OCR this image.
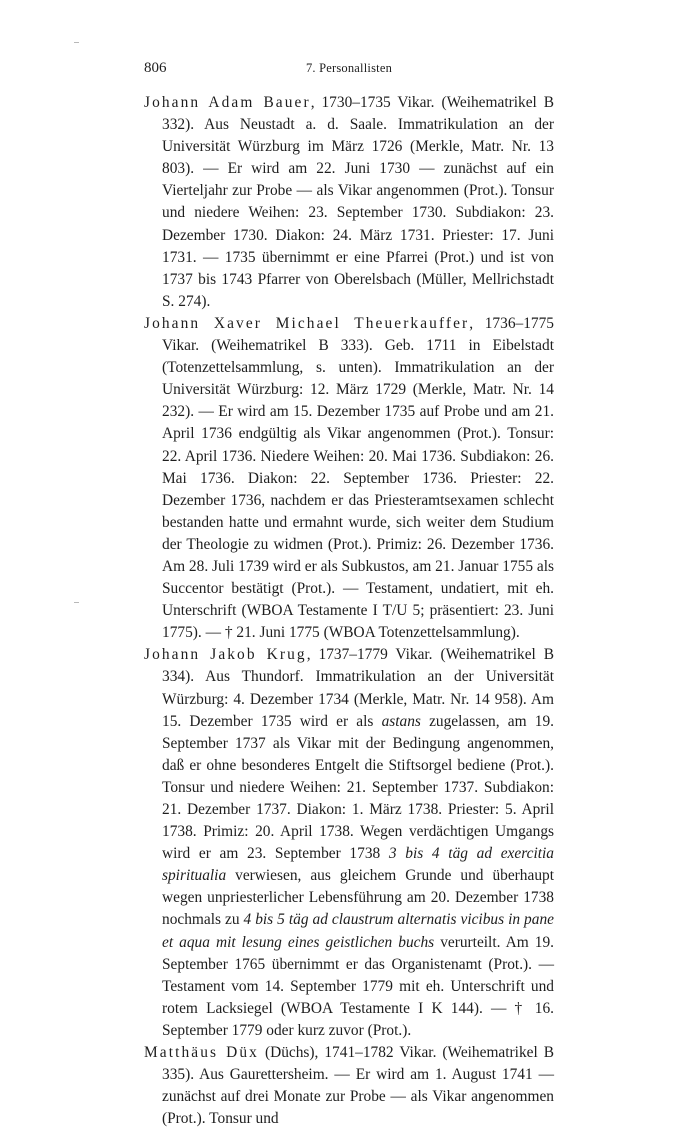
806	7. Personallisten

Johann Adam Bauer, 1730–1735 Vikar. (Weihematrikel B 332). Aus Neustadt a. d. Saale. Immatrikulation an der Universität Würzburg im März 1726 (Merkle, Matr. Nr. 13 803). — Er wird am 22. Juni 1730 — zunächst auf ein Vierteljahr zur Probe — als Vikar angenommen (Prot.). Tonsur und niedere Weihen: 23. September 1730. Subdiakon: 23. Dezember 1730. Diakon: 24. März 1731. Priester: 17. Juni 1731. — 1735 übernimmt er eine Pfarrei (Prot.) und ist von 1737 bis 1743 Pfarrer von Oberelsbach (Müller, Mellrichstadt S. 274).

Johann Xaver Michael Theuerkauffer, 1736–1775 Vikar. (Weihematrikel B 333). Geb. 1711 in Eibelstadt (Totenzettelsammlung, s. unten). Immatrikulation an der Universität Würzburg: 12. März 1729 (Merkle, Matr. Nr. 14 232). — Er wird am 15. Dezember 1735 auf Probe und am 21. April 1736 endgültig als Vikar angenommen (Prot.). Tonsur: 22. April 1736. Niedere Weihen: 20. Mai 1736. Subdiakon: 26. Mai 1736. Diakon: 22. September 1736. Priester: 22. Dezember 1736, nachdem er das Priesteramtsexamen schlecht bestanden hatte und ermahnt wurde, sich weiter dem Studium der Theologie zu widmen (Prot.). Primiz: 26. Dezember 1736. Am 28. Juli 1739 wird er als Subkustos, am 21. Januar 1755 als Succentor bestätigt (Prot.). — Testament, undatiert, mit eh. Unterschrift (WBOA Testamente I T/U 5; präsentiert: 23. Juni 1775). — † 21. Juni 1775 (WBOA Totenzettelsammlung).

Johann Jakob Krug, 1737–1779 Vikar. (Weihematrikel B 334). Aus Thundorf. Immatrikulation an der Universität Würzburg: 4. Dezember 1734 (Merkle, Matr. Nr. 14 958). Am 15. Dezember 1735 wird er als astans zugelassen, am 19. September 1737 als Vikar mit der Bedingung angenommen, daß er ohne besonderes Entgelt die Stiftsorgel bediene (Prot.). Tonsur und niedere Weihen: 21. September 1737. Subdiakon: 21. Dezember 1737. Diakon: 1. März 1738. Priester: 5. April 1738. Primiz: 20. April 1738. Wegen verdächtigen Umgangs wird er am 23. September 1738 3 bis 4 täg ad exercitia spiritualia verwiesen, aus gleichem Grunde und überhaupt wegen unpriesterlicher Lebensführung am 20. Dezember 1738 nochmals zu 4 bis 5 täg ad claustrum alternatis vicibus in pane et aqua mit lesung eines geistlichen buchs verurteilt. Am 19. September 1765 übernimmt er das Organistenamt (Prot.). — Testament vom 14. September 1779 mit eh. Unterschrift und rotem Lacksiegel (WBOA Testamente I K 144). — † 16. September 1779 oder kurz zuvor (Prot.).

Matthäus Düx (Düchs), 1741–1782 Vikar. (Weihematrikel B 335). Aus Gaurettersheim. — Er wird am 1. August 1741 — zunächst auf drei Monate zur Probe — als Vikar angenommen (Prot.). Tonsur und
